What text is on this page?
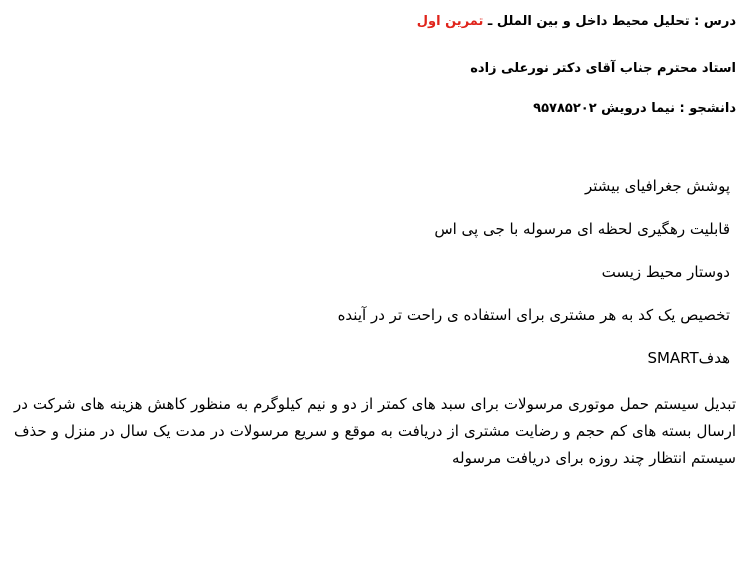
درس : تحلیل محیط داخل و بین الملل ـ تمرین اول
استاد محترم جناب آقای دکتر نورعلی زاده
دانشجو : نیما درویش ۹۵۷۸۵۲۰۲
پوشش جغرافیای بیشتر
قابلیت رهگیری لحظه ای مرسوله با جی پی اس
دوستار محیط زیست
تخصیص یک کد به هر مشتری برای استفاده ی راحت تر در آینده
هدفSMART
تبدیل سیستم حمل موتوری مرسولات برای سبد های کمتر از دو و نیم کیلوگرم به منظور کاهش هزینه های شرکت در ارسال بسته های کم حجم و رضایت مشتری از دریافت به موقع و سریع مرسولات در مدت یک سال در منزل و حذف سیستم انتظار چند روزه برای دریافت مرسوله
